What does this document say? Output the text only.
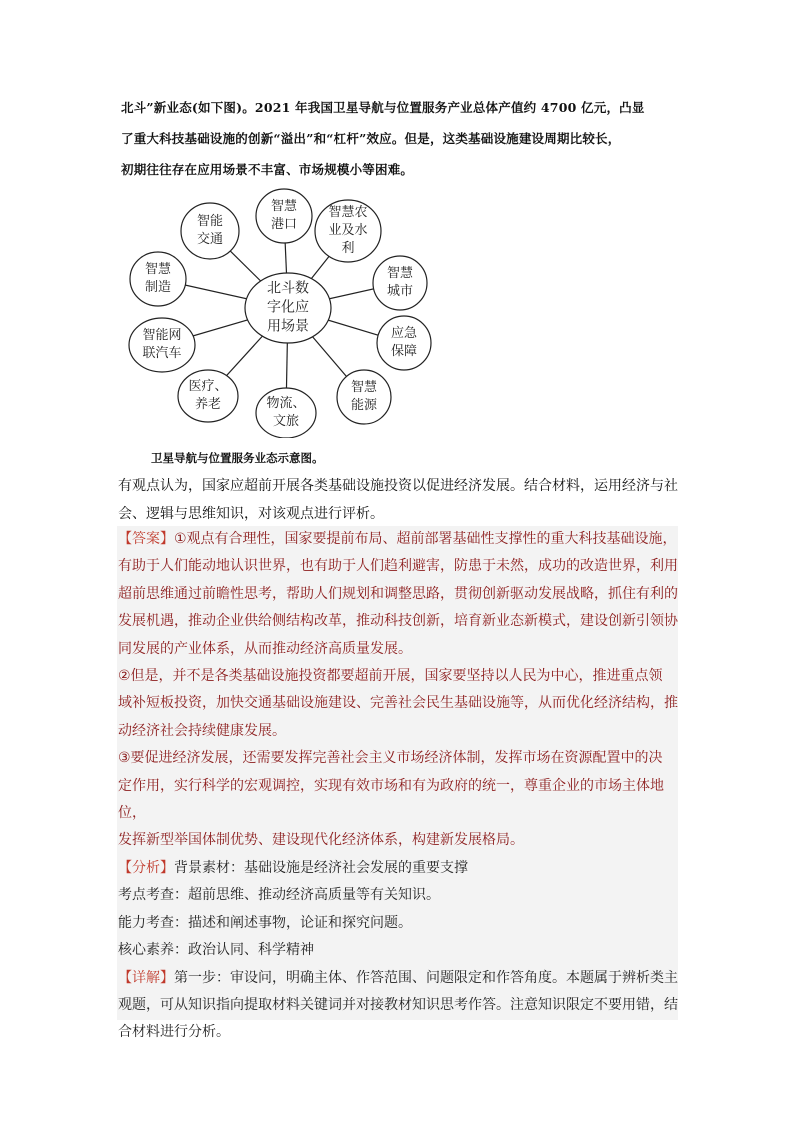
北斗”新业态(如下图)。2021 年我国卫星导航与位置服务产业总体产值约 4700 亿元，凸显

了重大科技基础设施的创新“溢出”和“杠杆”效应。但是，这类基础设施建设周期比较长，

初期往往存在应用场景不丰富、市场规模小等困难。

北斗数
字化应
用场景
智慧
港口
智慧农
业及水
利
智慧
城市
应急
保障
智慧
能源
物流、
文旅
医疗、
养老
智能网
联汽车
智慧
制造
智能
交通
卫星导航与位置服务业态示意图。

有观点认为，国家应超前开展各类基础设施投资以促进经济发展。结合材料，运用经济与社

会、逻辑与思维知识，对该观点进行评析。

【答案】①观点有合理性，国家要提前布局、超前部署基础性支撑性的重大科技基础设施，

有助于人们能动地认识世界，也有助于人们趋利避害，防患于未然，成功的改造世界，利用

超前思维通过前瞻性思考，帮助人们规划和调整思路，贯彻创新驱动发展战略，抓住有利的

发展机遇，推动企业供给侧结构改革，推动科技创新，培育新业态新模式，建设创新引领协

同发展的产业体系，从而推动经济高质量发展。

②但是，并不是各类基础设施投资都要超前开展，国家要坚持以人民为中心，推进重点领

域补短板投资，加快交通基础设施建设、完善社会民生基础设施等，从而优化经济结构，推

动经济社会持续健康发展。

③要促进经济发展，还需要发挥完善社会主义市场经济体制，发挥市场在资源配置中的决

定作用，实行科学的宏观调控，实现有效市场和有为政府的统一，尊重企业的市场主体地位，

发挥新型举国体制优势、建设现代化经济体系，构建新发展格局。

【分析】背景素材：基础设施是经济社会发展的重要支撑

考点考查：超前思维、推动经济高质量等有关知识。

能力考查：描述和阐述事物，论证和探究问题。

核心素养：政治认同、科学精神

【详解】第一步：审设问，明确主体、作答范围、问题限定和作答角度。本题属于辨析类主

观题，可从知识指向提取材料关键词并对接教材知识思考作答。注意知识限定不要用错，结

合材料进行分析。
